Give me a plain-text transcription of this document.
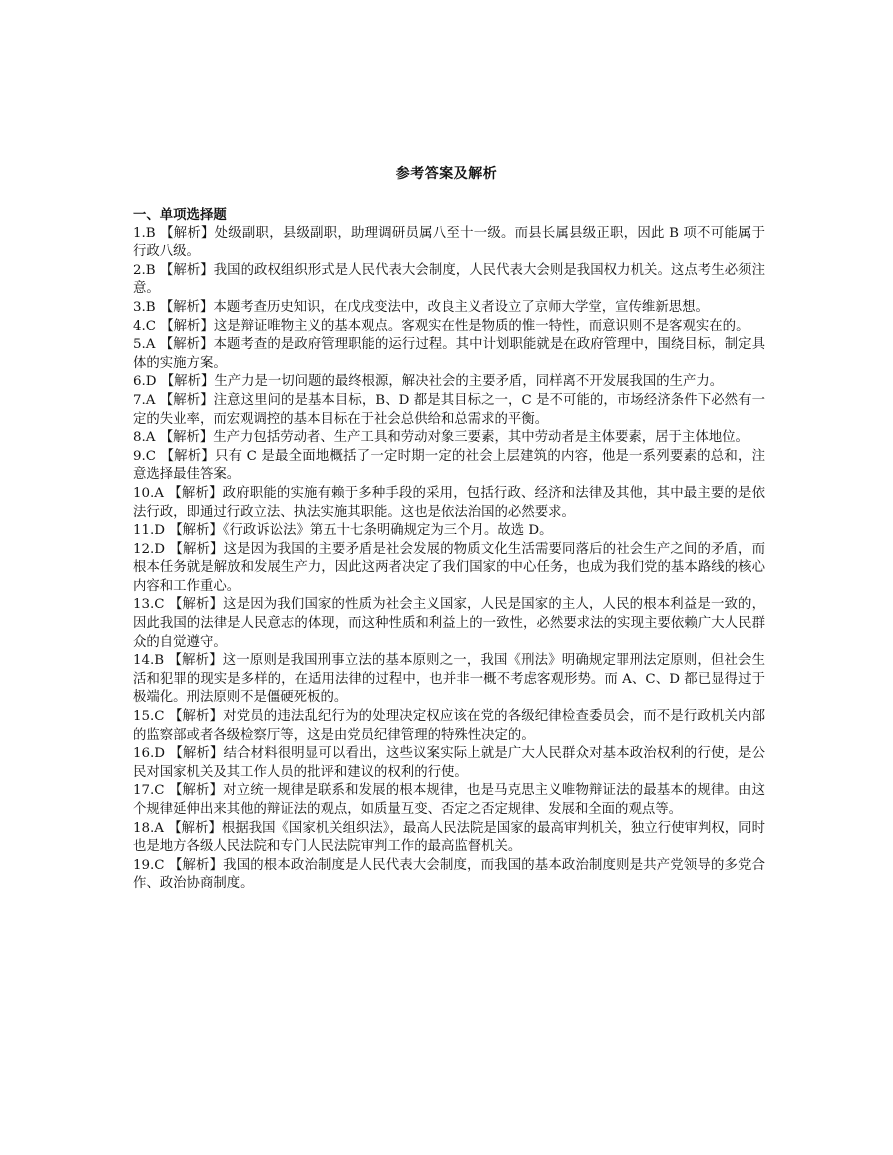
参考答案及解析

一、单项选择题

1.B 【解析】处级副职，县级副职，助理调研员属八至十一级。而县长属县级正职，因此 B 项不可能属于行政八级。

2.B 【解析】我国的政权组织形式是人民代表大会制度，人民代表大会则是我国权力机关。这点考生必须注意。

3.B 【解析】本题考查历史知识，在戊戌变法中，改良主义者设立了京师大学堂，宣传维新思想。

4.C 【解析】这是辩证唯物主义的基本观点。客观实在性是物质的惟一特性，而意识则不是客观实在的。

5.A 【解析】本题考查的是政府管理职能的运行过程。其中计划职能就是在政府管理中，围绕目标，制定具体的实施方案。

6.D 【解析】生产力是一切问题的最终根源，解决社会的主要矛盾，同样离不开发展我国的生产力。

7.A 【解析】注意这里问的是基本目标，B、D 都是其目标之一，C 是不可能的，市场经济条件下必然有一定的失业率，而宏观调控的基本目标在于社会总供给和总需求的平衡。

8.A 【解析】生产力包括劳动者、生产工具和劳动对象三要素，其中劳动者是主体要素，居于主体地位。

9.C 【解析】只有 C 是最全面地概括了一定时期一定的社会上层建筑的内容，他是一系列要素的总和，注意选择最佳答案。

10.A 【解析】政府职能的实施有赖于多种手段的采用，包括行政、经济和法律及其他，其中最主要的是依法行政，即通过行政立法、执法实施其职能。这也是依法治国的必然要求。

11.D 【解析】《行政诉讼法》第五十七条明确规定为三个月。故选 D。

12.D 【解析】这是因为我国的主要矛盾是社会发展的物质文化生活需要同落后的社会生产之间的矛盾，而根本任务就是解放和发展生产力，因此这两者决定了我们国家的中心任务，也成为我们党的基本路线的核心内容和工作重心。

13.C 【解析】这是因为我们国家的性质为社会主义国家，人民是国家的主人，人民的根本利益是一致的，因此我国的法律是人民意志的体现，而这种性质和利益上的一致性，必然要求法的实现主要依赖广大人民群众的自觉遵守。

14.B 【解析】这一原则是我国刑事立法的基本原则之一，我国《刑法》明确规定罪刑法定原则，但社会生活和犯罪的现实是多样的，在适用法律的过程中，也并非一概不考虑客观形势。而 A、C、D 都已显得过于极端化。刑法原则不是僵硬死板的。

15.C 【解析】对党员的违法乱纪行为的处理决定权应该在党的各级纪律检查委员会，而不是行政机关内部的监察部或者各级检察厅等，这是由党员纪律管理的特殊性决定的。

16.D 【解析】结合材料很明显可以看出，这些议案实际上就是广大人民群众对基本政治权利的行使，是公民对国家机关及其工作人员的批评和建议的权利的行使。

17.C 【解析】对立统一规律是联系和发展的根本规律，也是马克思主义唯物辩证法的最基本的规律。由这个规律延伸出来其他的辩证法的观点，如质量互变、否定之否定规律、发展和全面的观点等。

18.A 【解析】根据我国《国家机关组织法》，最高人民法院是国家的最高审判机关，独立行使审判权，同时也是地方各级人民法院和专门人民法院审判工作的最高监督机关。

19.C 【解析】我国的根本政治制度是人民代表大会制度，而我国的基本政治制度则是共产党领导的多党合作、政治协商制度。
